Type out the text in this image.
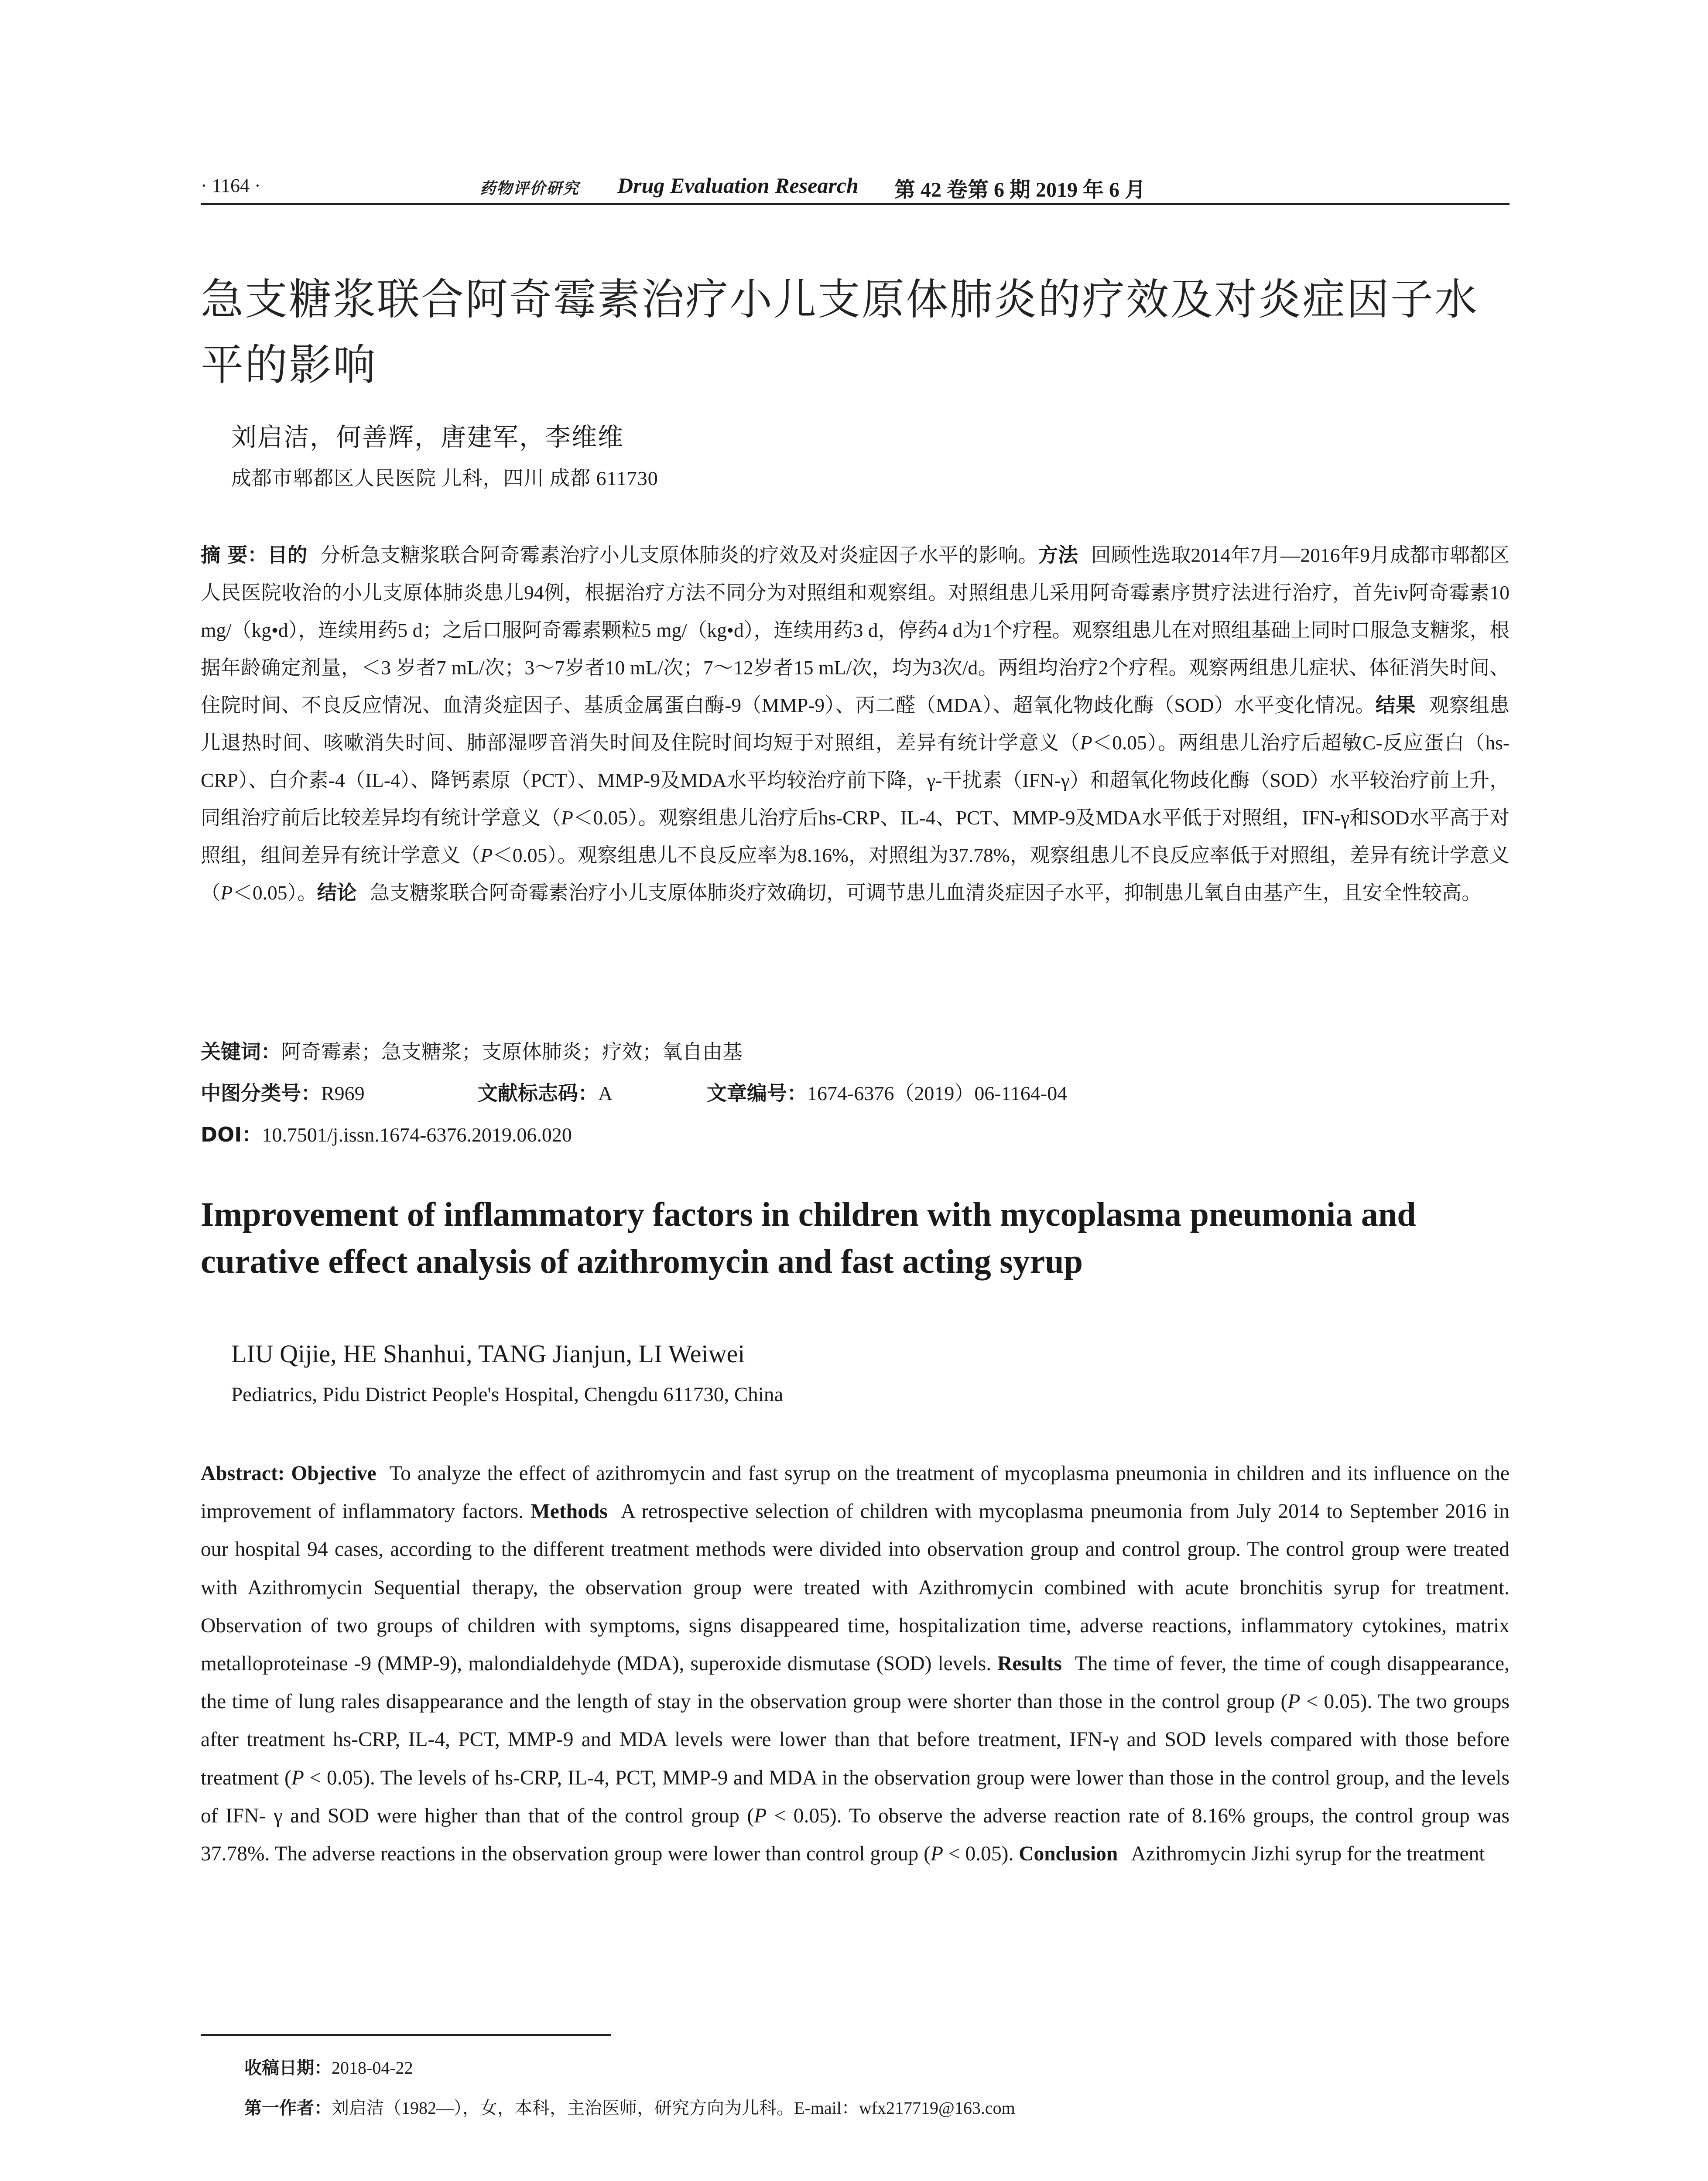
· 1164 ·	药物评价研究 Drug Evaluation Research 第 42 卷第 6 期 2019 年 6 月
急支糖浆联合阿奇霉素治疗小儿支原体肺炎的疗效及对炎症因子水平的影响
刘启洁，何善辉，唐建军，李维维
成都市郫都区人民医院 儿科，四川 成都 611730
摘 要：目的 分析急支糖浆联合阿奇霉素治疗小儿支原体肺炎的疗效及对炎症因子水平的影响。方法 回顾性选取2014年7月—2016年9月成都市郫都区人民医院收治的小儿支原体肺炎患儿94例，根据治疗方法不同分为对照组和观察组。对照组患儿采用阿奇霉素序贯疗法进行治疗，首先iv阿奇霉素10 mg/（kg•d），连续用药5 d；之后口服阿奇霉素颗粒5 mg/（kg•d），连续用药3 d，停药4 d为1个疗程。观察组患儿在对照组基础上同时口服急支糖浆，根据年龄确定剂量，＜3 岁者7 mL/次；3～7岁者10 mL/次；7～12岁者15 mL/次，均为3次/d。两组均治疗2个疗程。观察两组患儿症状、体征消失时间、住院时间、不良反应情况、血清炎症因子、基质金属蛋白酶-9（MMP-9）、丙二醛（MDA）、超氧化物歧化酶（SOD）水平变化情况。结果 观察组患儿退热时间、咳嗽消失时间、肺部湿啰音消失时间及住院时间均短于对照组，差异有统计学意义（P＜0.05）。两组患儿治疗后超敏C-反应蛋白（hs-CRP）、白介素-4（IL-4）、降钙素原（PCT）、MMP-9及MDA水平均较治疗前下降，γ-干扰素（IFN-γ）和超氧化物歧化酶（SOD）水平较治疗前上升，同组治疗前后比较差异均有统计学意义（P＜0.05）。观察组患儿治疗后hs-CRP、IL-4、PCT、MMP-9及MDA水平低于对照组，IFN-γ和SOD水平高于对照组，组间差异有统计学意义（P＜0.05）。观察组患儿不良反应率为8.16%，对照组为37.78%，观察组患儿不良反应率低于对照组，差异有统计学意义（P＜0.05）。结论 急支糖浆联合阿奇霉素治疗小儿支原体肺炎疗效确切，可调节患儿血清炎症因子水平，抑制患儿氧自由基产生，且安全性较高。
关键词：阿奇霉素；急支糖浆；支原体肺炎；疗效；氧自由基
中图分类号：R969	文献标志码：A	文章编号：1674-6376（2019）06-1164-04
DOI：10.7501/j.issn.1674-6376.2019.06.020
Improvement of inflammatory factors in children with mycoplasma pneumonia and curative effect analysis of azithromycin and fast acting syrup
LIU Qijie, HE Shanhui, TANG Jianjun, LI Weiwei
Pediatrics, Pidu District People's Hospital, Chengdu 611730, China
Abstract: Objective To analyze the effect of azithromycin and fast syrup on the treatment of mycoplasma pneumonia in children and its influence on the improvement of inflammatory factors. Methods A retrospective selection of children with mycoplasma pneumonia from July 2014 to September 2016 in our hospital 94 cases, according to the different treatment methods were divided into observation group and control group. The control group were treated with Azithromycin Sequential therapy, the observation group were treated with Azithromycin combined with acute bronchitis syrup for treatment. Observation of two groups of children with symptoms, signs disappeared time, hospitalization time, adverse reactions, inflammatory cytokines, matrix metalloproteinase -9 (MMP-9), malondialdehyde (MDA), superoxide dismutase (SOD) levels. Results The time of fever, the time of cough disappearance, the time of lung rales disappearance and the length of stay in the observation group were shorter than those in the control group (P < 0.05). The two groups after treatment hs-CRP, IL-4, PCT, MMP-9 and MDA levels were lower than that before treatment, IFN-γ and SOD levels compared with those before treatment (P < 0.05). The levels of hs-CRP, IL-4, PCT, MMP-9 and MDA in the observation group were lower than those in the control group, and the levels of IFN- γ and SOD were higher than that of the control group (P < 0.05). To observe the adverse reaction rate of 8.16% groups, the control group was 37.78%. The adverse reactions in the observation group were lower than control group (P < 0.05). Conclusion Azithromycin Jizhi syrup for the treatment
收稿日期：2018-04-22
第一作者：刘启洁（1982—），女，本科，主治医师，研究方向为儿科。E-mail：wfx217719@163.com
